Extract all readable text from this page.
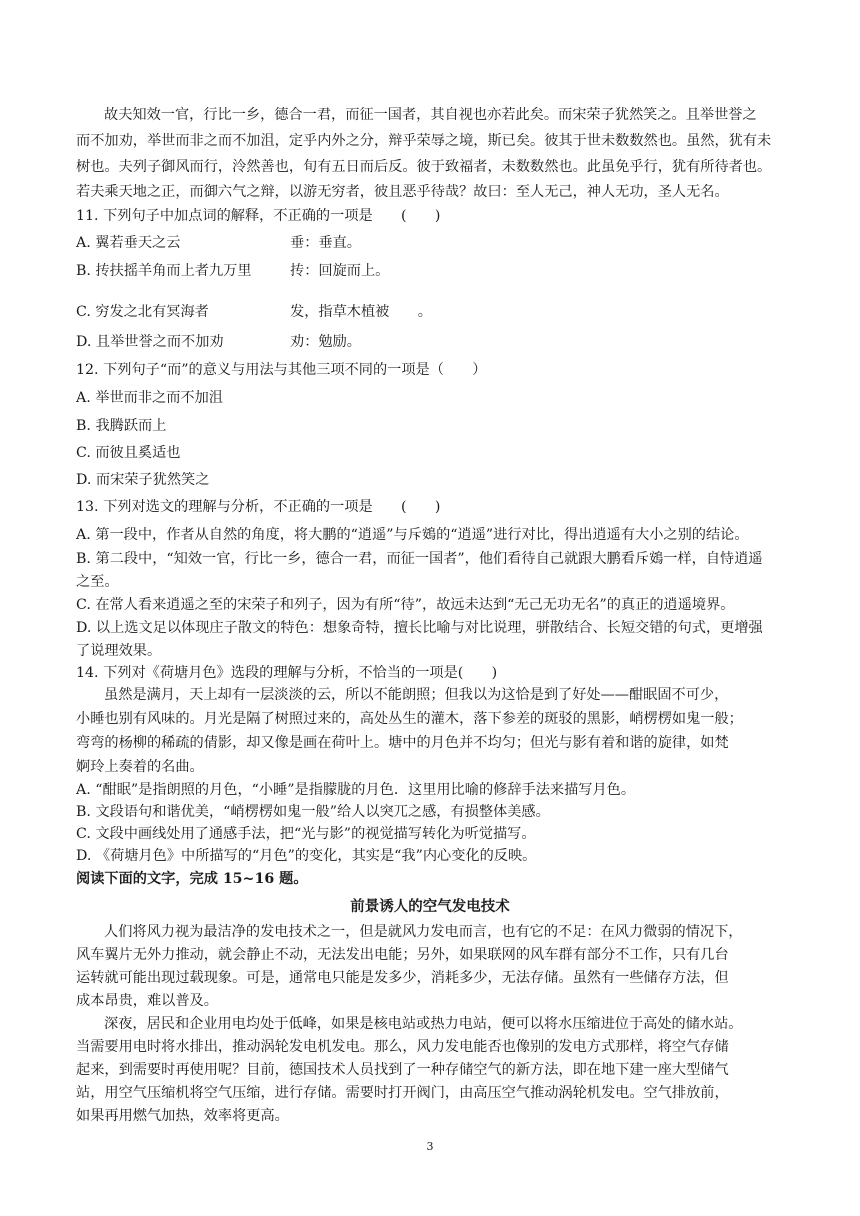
故夫知效一官，行比一乡，德合一君，而征一国者，其自视也亦若此矣。而宋荣子犹然笑之。且举世誉之
而不加劝，举世而非之而不加沮，定乎内外之分，辩乎荣辱之境，斯已矣。彼其于世未数数然也。虽然，犹有未
树也。夫列子御风而行，泠然善也，旬有五日而后反。彼于致福者，未数数然也。此虽免乎行，犹有所待者也。
若夫乘天地之正，而御六气之辩，以游无穷者，彼且恶乎待哉？故曰：至人无己，神人无功，圣人无名。
11. 下列句子中加点词的解释，不正确的一项是　　(　　)
A. 翼若垂天之云	垂：垂直。
B. 抟扶摇羊角而上者九万里	抟：回旋而上。
C. 穷发之北有冥海者	发，指草木植被　　。
D. 且举世誉之而不加劝	劝：勉励。
12. 下列句子“而”的意义与用法与其他三项不同的一项是（　　）
A. 举世而非之而不加沮
B. 我腾跃而上
C. 而彼且奚适也
D. 而宋荣子犹然笑之
13. 下列对选文的理解与分析，不正确的一项是　　(　　)
A. 第一段中，作者从自然的角度，将大鹏的“逍遥”与斥鴳的“逍遥”进行对比，得出逍遥有大小之别的结论。
B. 第二段中，“知效一官，行比一乡，德合一君，而征一国者”，他们看待自己就跟大鹏看斥鴳一样，自恃逍遥
之至。
C. 在常人看来逍遥之至的宋荣子和列子，因为有所“待”，故远未达到“无己无功无名”的真正的逍遥境界。
D. 以上选文足以体现庄子散文的特色：想象奇特，擅长比喻与对比说理，骈散结合、长短交错的句式，更增强
了说理效果。
14. 下列对《荷塘月色》选段的理解与分析，不恰当的一项是(　　)
虽然是满月，天上却有一层淡淡的云，所以不能朗照；但我以为这恰是到了好处——酣眠固不可少，
小睡也别有风味的。月光是隔了树照过来的，高处丛生的灌木，落下参差的斑驳的黑影，峭楞楞如鬼一般；
弯弯的杨柳的稀疏的倩影，却又像是画在荷叶上。塘中的月色并不均匀；但光与影有着和谐的旋律，如梵
婀玲上奏着的名曲。
A. “酣眠”是指朗照的月色，“小睡”是指朦胧的月色．这里用比喻的修辞手法来描写月色。
B. 文段语句和谐优美，“峭楞楞如鬼一般”给人以突兀之感，有损整体美感。
C. 文段中画线处用了通感手法，把“光与影”的视觉描写转化为听觉描写。
D. 《荷塘月色》中所描写的“月色”的变化，其实是“我”内心变化的反映。
阅读下面的文字，完成 15~16 题。
前景诱人的空气发电技术
人们将风力视为最洁净的发电技术之一，但是就风力发电而言，也有它的不足：在风力微弱的情况下，
风车翼片无外力推动，就会静止不动，无法发出电能；另外，如果联网的风车群有部分不工作，只有几台
运转就可能出现过载现象。可是，通常电只能是发多少，消耗多少，无法存储。虽然有一些储存方法，但
成本昂贵，难以普及。
深夜，居民和企业用电均处于低峰，如果是核电站或热力电站，便可以将水压缩进位于高处的储水站。
当需要用电时将水排出，推动涡轮发电机发电。那么，风力发电能否也像别的发电方式那样，将空气存储
起来，到需要时再使用呢？目前，德国技术人员找到了一种存储空气的新方法，即在地下建一座大型储气
站，用空气压缩机将空气压缩，进行存储。需要时打开阀门，由高压空气推动涡轮机发电。空气排放前，
如果再用燃气加热，效率将更高。
3
